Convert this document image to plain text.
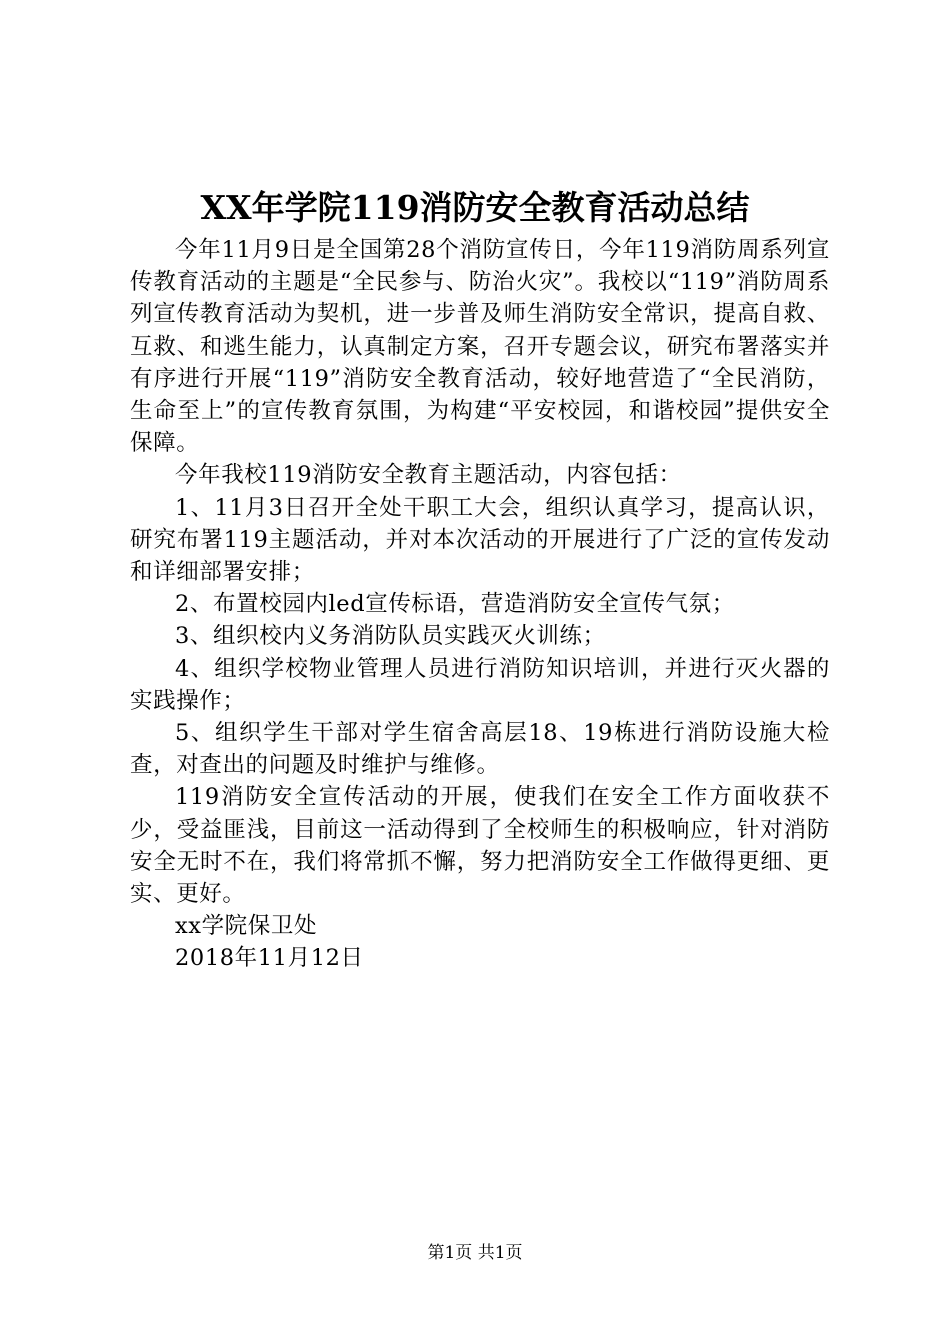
XX年学院119消防安全教育活动总结

今年11月9日是全国第28个消防宣传日，今年119消防周系列宣传教育活动的主题是“全民参与、防治火灾”。我校以“119”消防周系列宣传教育活动为契机，进一步普及师生消防安全常识，提高自救、互救、和逃生能力，认真制定方案，召开专题会议，研究布署落实并有序进行开展“119”消防安全教育活动，较好地营造了“全民消防，生命至上”的宣传教育氛围，为构建“平安校园，和谐校园”提供安全保障。

今年我校119消防安全教育主题活动，内容包括：

1、11月3日召开全处干职工大会，组织认真学习，提高认识，研究布署119主题活动，并对本次活动的开展进行了广泛的宣传发动和详细部署安排；

2、布置校园内led宣传标语，营造消防安全宣传气氛；

3、组织校内义务消防队员实践灭火训练；

4、组织学校物业管理人员进行消防知识培训，并进行灭火器的实践操作；

5、组织学生干部对学生宿舍高层18、19栋进行消防设施大检查，对查出的问题及时维护与维修。

119消防安全宣传活动的开展，使我们在安全工作方面收获不少，受益匪浅，目前这一活动得到了全校师生的积极响应，针对消防安全无时不在，我们将常抓不懈，努力把消防安全工作做得更细、更实、更好。

xx学院保卫处

2018年11月12日

第1页 共1页
